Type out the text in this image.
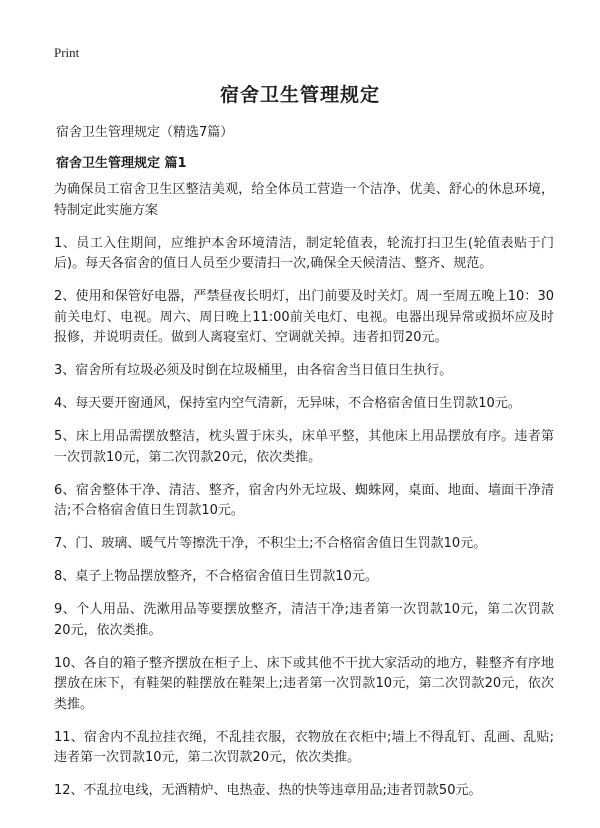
Print
宿舍卫生管理规定

宿舍卫生管理规定（精选7篇）

宿舍卫生管理规定 篇1

为确保员工宿舍卫生区整洁美观，给全体员工营造一个洁净、优美、舒心的休息环境，特制定此实施方案

1、员工入住期间，应维护本舍环境清洁，制定轮值表，轮流打扫卫生(轮值表贴于门后)。每天各宿舍的值日人员至少要清扫一次,确保全天候清洁、整齐、规范。

2、使用和保管好电器，严禁昼夜长明灯，出门前要及时关灯。周一至周五晚上10：30前关电灯、电视。周六、周日晚上11:00前关电灯、电视。电器出现异常或损坏应及时报修，并说明责任。做到人离寝室灯、空调就关掉。违者扣罚20元。

3、宿舍所有垃圾必须及时倒在垃圾桶里，由各宿舍当日值日生执行。

4、每天要开窗通风，保持室内空气清新，无异味，不合格宿舍值日生罚款10元。

5、床上用品需摆放整洁，枕头置于床头，床单平整，其他床上用品摆放有序。违者第一次罚款10元，第二次罚款20元，依次类推。

6、宿舍整体干净、清洁、整齐，宿舍内外无垃圾、蜘蛛网，桌面、地面、墙面干净清洁;不合格宿舍值日生罚款10元。

7、门、玻璃、暖气片等擦洗干净，不积尘土;不合格宿舍值日生罚款10元。

8、桌子上物品摆放整齐，不合格宿舍值日生罚款10元。

9、个人用品、洗漱用品等要摆放整齐，清洁干净;违者第一次罚款10元，第二次罚款20元，依次类推。

10、各自的箱子整齐摆放在柜子上、床下或其他不干扰大家活动的地方，鞋整齐有序地摆放在床下，有鞋架的鞋摆放在鞋架上;违者第一次罚款10元，第二次罚款20元，依次类推。

11、宿舍内不乱拉挂衣绳，不乱挂衣服，衣物放在衣柜中;墙上不得乱钉、乱画、乱贴;违者第一次罚款10元，第二次罚款20元，依次类推。

12、不乱拉电线，无酒精炉、电热壶、热的快等违章用品;违者罚款50元。
